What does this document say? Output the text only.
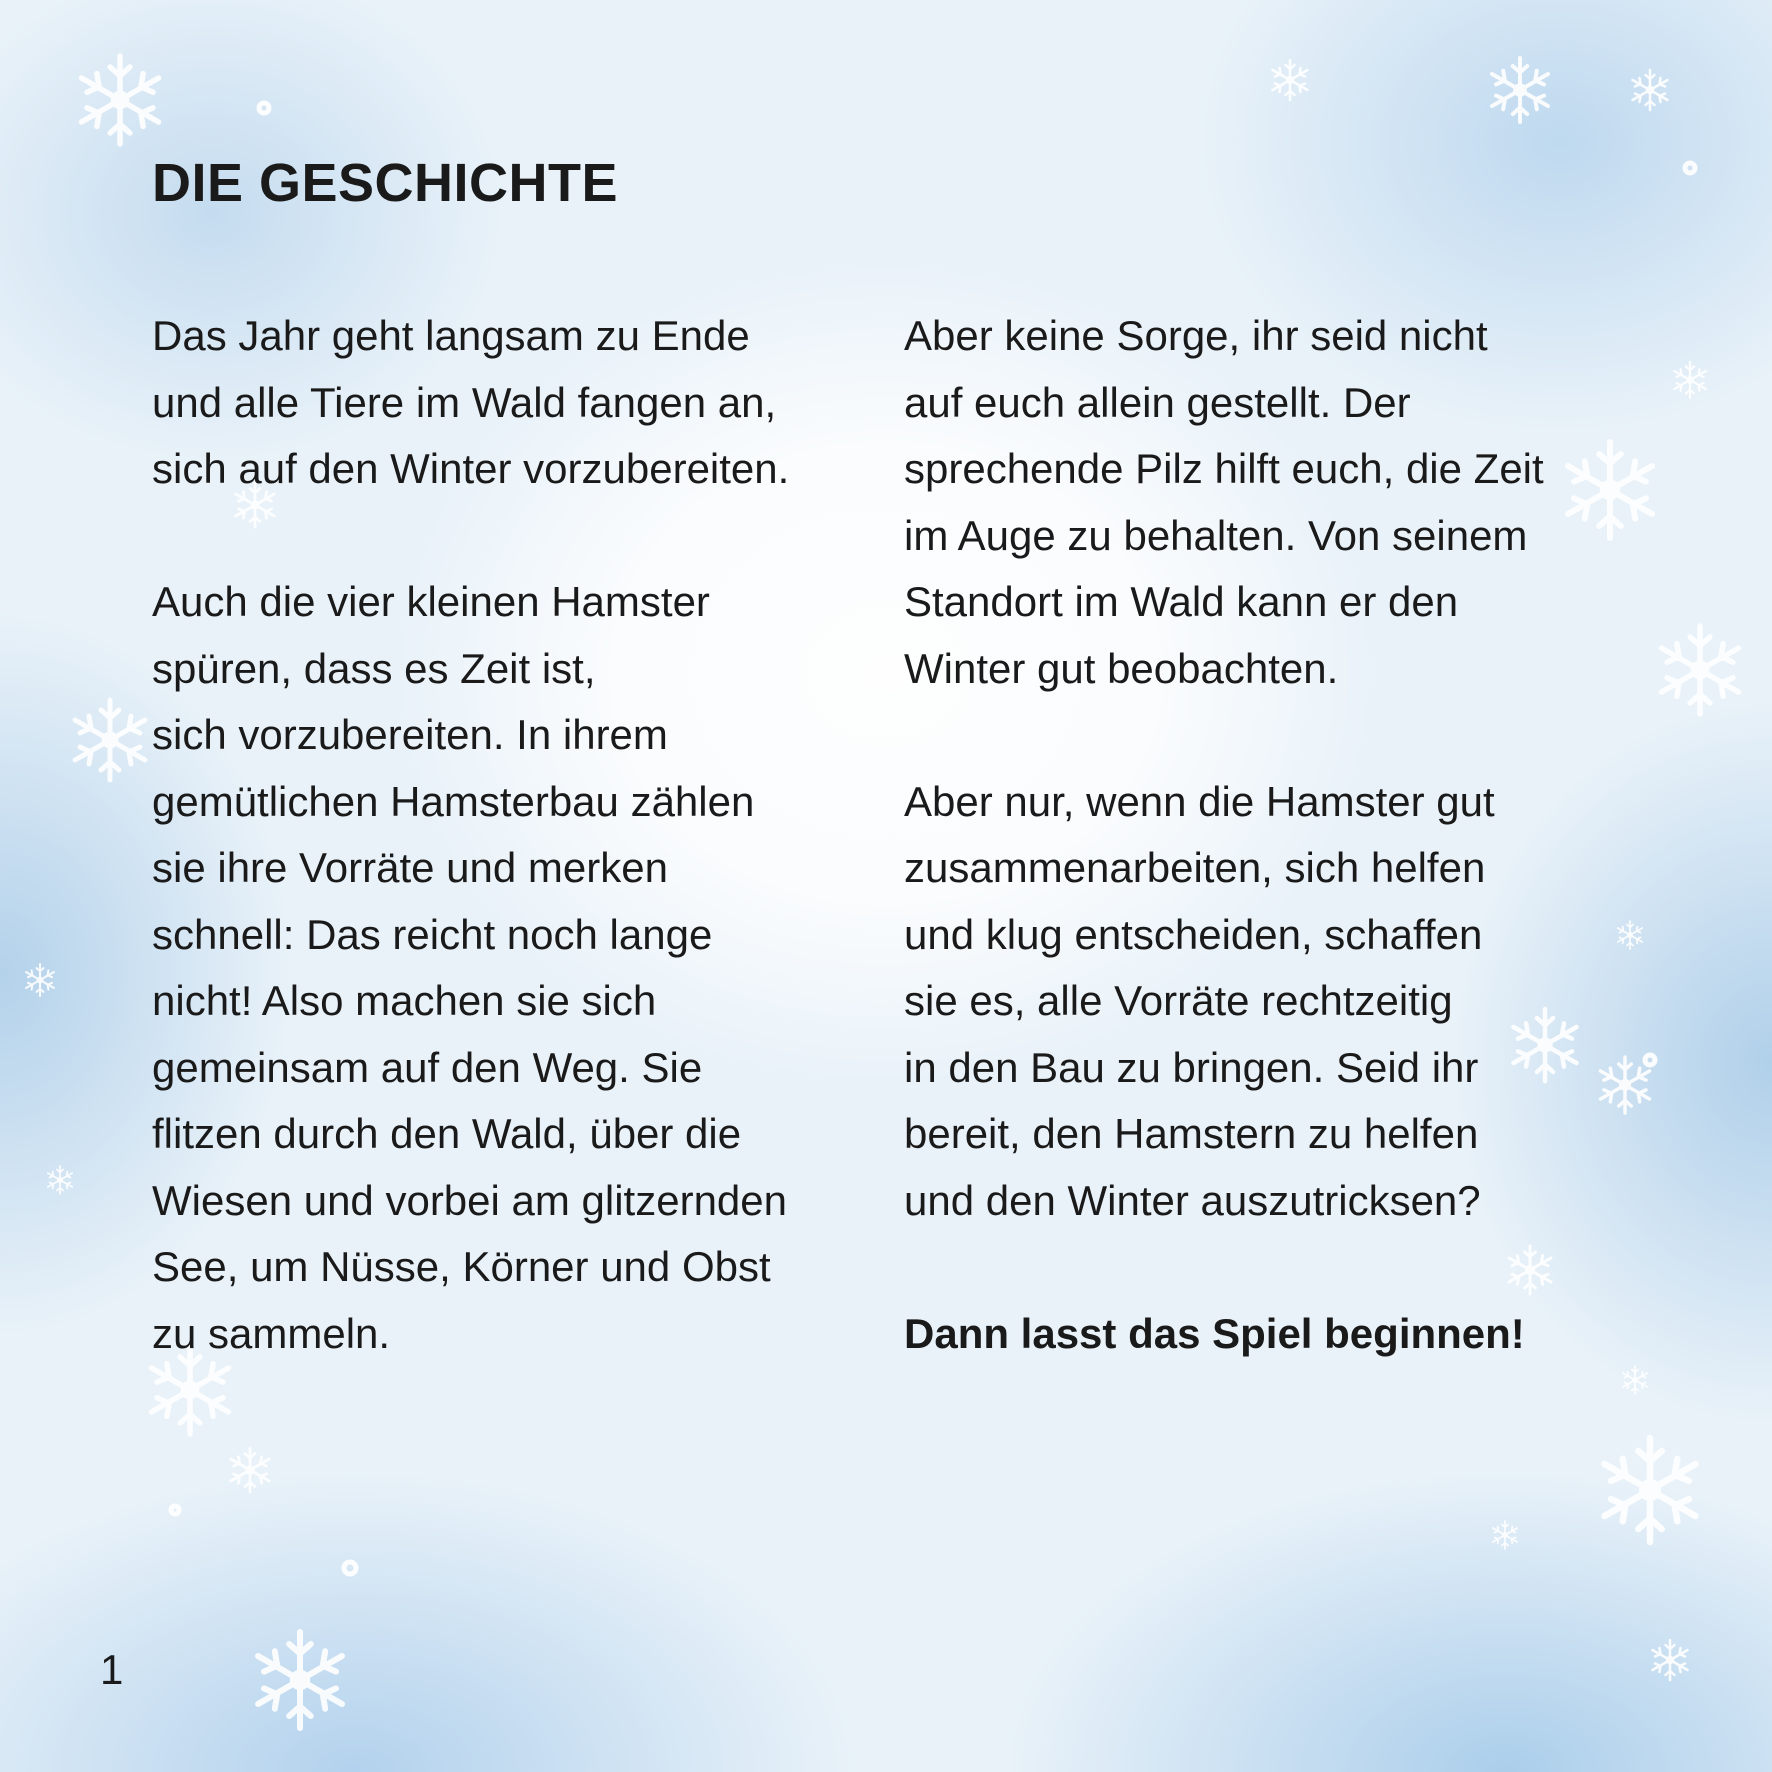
DIE GESCHICHTE

Das Jahr geht langsam zu Ende
und alle Tiere im Wald fangen an,
sich auf den Winter vorzubereiten.

Auch die vier kleinen Hamster
spüren, dass es Zeit ist,
sich vorzubereiten. In ihrem
gemütlichen Hamsterbau zählen
sie ihre Vorräte und merken
schnell: Das reicht noch lange
nicht! Also machen sie sich
gemeinsam auf den Weg. Sie
flitzen durch den Wald, über die
Wiesen und vorbei am glitzernden
See, um Nüsse, Körner und Obst
zu sammeln.

Aber keine Sorge, ihr seid nicht
auf euch allein gestellt. Der
sprechende Pilz hilft euch, die Zeit
im Auge zu behalten. Von seinem
Standort im Wald kann er den
Winter gut beobachten.

Aber nur, wenn die Hamster gut
zusammenarbeiten, sich helfen
und klug entscheiden, schaffen
sie es, alle Vorräte rechtzeitig
in den Bau zu bringen. Seid ihr
bereit, den Hamstern zu helfen
und den Winter auszutricksen?

Dann lasst das Spiel beginnen!

1
